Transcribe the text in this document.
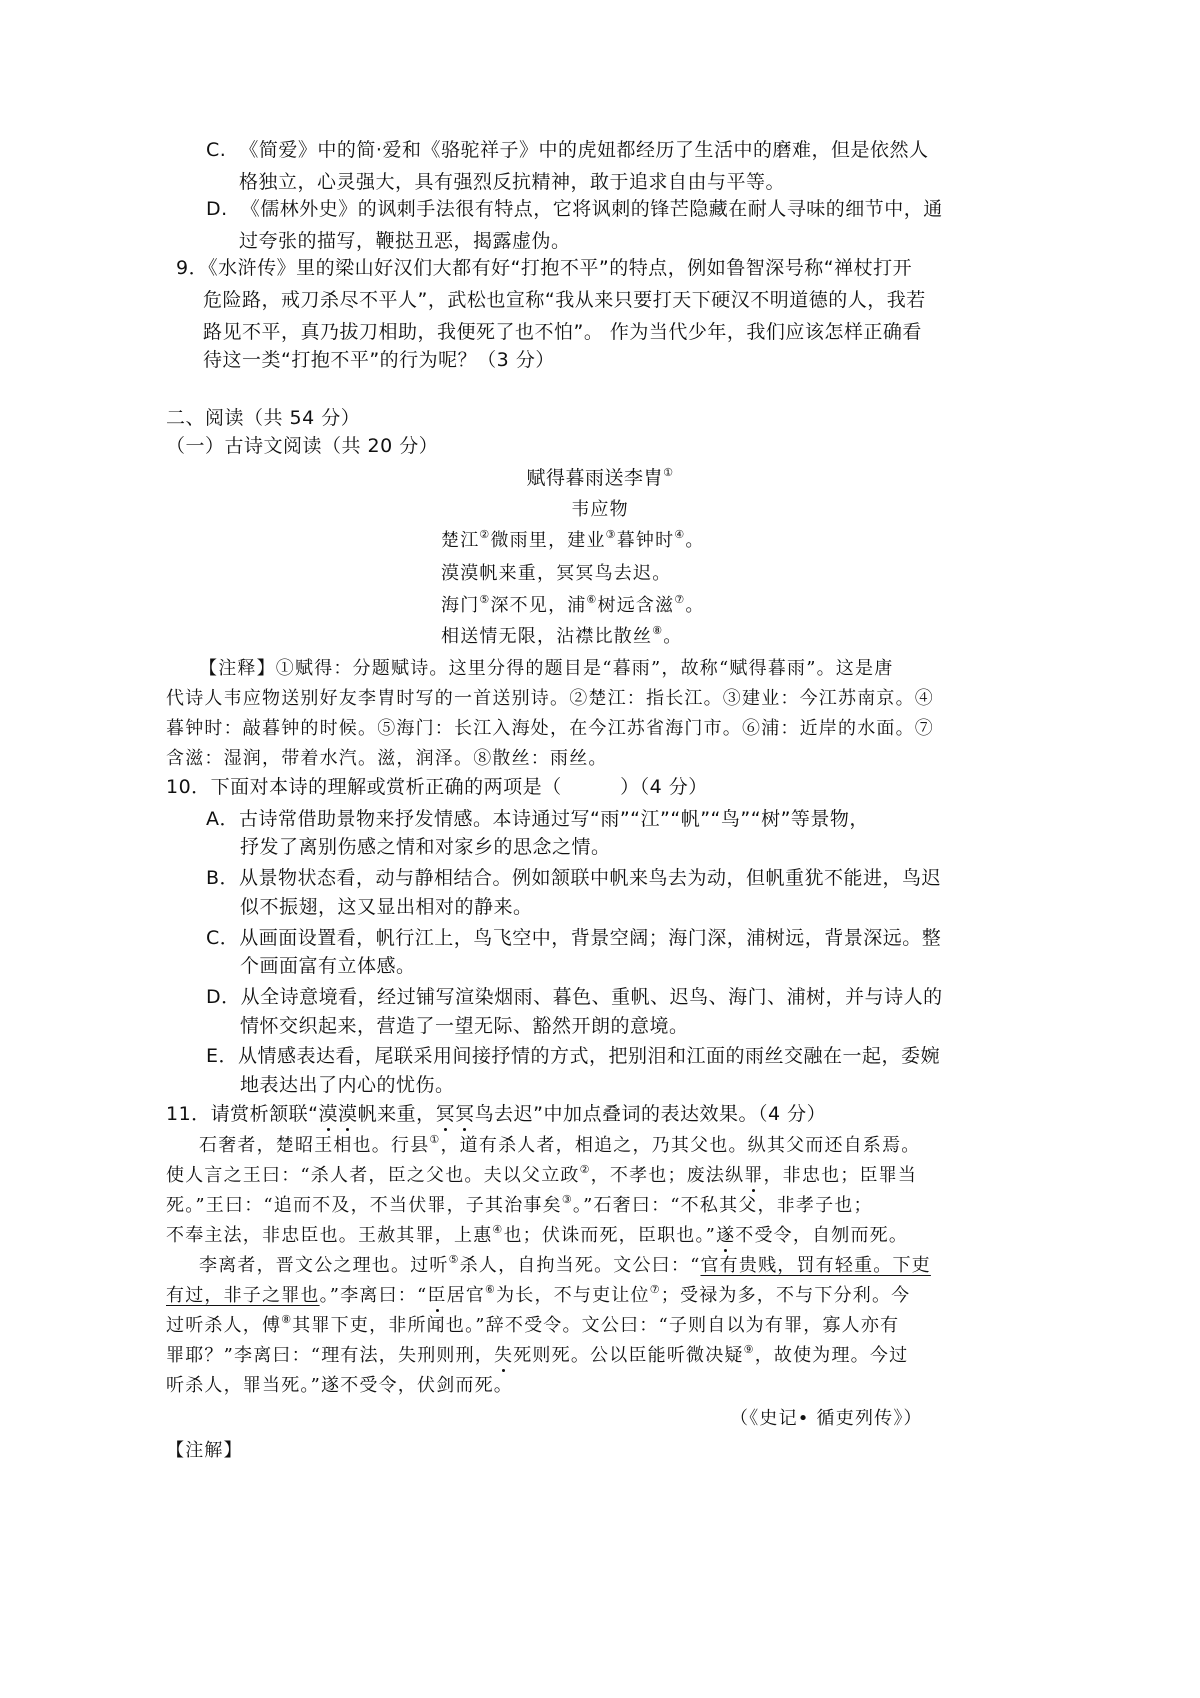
C. 《简爱》中的简·爱和《骆驼祥子》中的虎妞都经历了生活中的磨难，但是依然人
格独立，心灵强大，具有强烈反抗精神，敢于追求自由与平等。
D. 《儒林外史》的讽刺手法很有特点，它将讽刺的锋芒隐藏在耐人寻味的细节中，通
过夸张的描写，鞭挞丑恶，揭露虚伪。
9．《水浒传》里的梁山好汉们大都有好“打抱不平”的特点，例如鲁智深号称“禅杖打开
危险路，戒刀杀尽不平人”，武松也宣称“我从来只要打天下硬汉不明道德的人，我若
路见不平，真乃拔刀相助，我便死了也不怕”。 作为当代少年，我们应该怎样正确看
待这一类“打抱不平”的行为呢？（3 分）
二、阅读（共 54 分）
（一）古诗文阅读（共 20 分）
赋得暮雨送李胄①
韦应物
楚江②微雨里，建业③暮钟时④。
漠漠帆来重，冥冥鸟去迟。
海门⑤深不见，浦⑥树远含滋⑦。
相送情无限，沾襟比散丝⑧。
【注释】①赋得：分题赋诗。这里分得的题目是“暮雨”，故称“赋得暮雨”。这是唐
代诗人韦应物送别好友李胄时写的一首送别诗。②楚江：指长江。③建业：今江苏南京。④
暮钟时：敲暮钟的时候。⑤海门：长江入海处，在今江苏省海门市。⑥浦：近岸的水面。⑦
含滋：湿润，带着水汽。滋，润泽。⑧散丝：雨丝。
10．下面对本诗的理解或赏析正确的两项是（　　　）（4 分）
A．古诗常借助景物来抒发情感。本诗通过写“雨”“江”“帆”“鸟”“树”等景物，
抒发了离别伤感之情和对家乡的思念之情。
B．从景物状态看，动与静相结合。例如颔联中帆来鸟去为动，但帆重犹不能进，鸟迟
似不振翅，这又显出相对的静来。
C．从画面设置看，帆行江上，鸟飞空中，背景空阔；海门深，浦树远，背景深远。整
个画面富有立体感。
D．从全诗意境看，经过铺写渲染烟雨、暮色、重帆、迟鸟、海门、浦树，并与诗人的
情怀交织起来，营造了一望无际、豁然开朗的意境。
E．从情感表达看，尾联采用间接抒情的方式，把别泪和江面的雨丝交融在一起，委婉
地表达出了内心的忧伤。
11．请赏析颔联“漠漠帆来重，冥冥鸟去迟”中加点叠词的表达效果。（4 分）
石奢者，楚昭王相也。行县①，道有杀人者，相追之，乃其父也。纵其父而还自系焉。
使人言之王曰：“杀人者，臣之父也。夫以父立政②，不孝也；废法纵罪，非忠也；臣罪当
死。”王曰：“追而不及，不当伏罪，子其治事矣③。”石奢曰：“不私其父，非孝子也；
不奉主法，非忠臣也。王赦其罪，上惠④也；伏诛而死，臣职也。”遂不受令，自刎而死。
李离者，晋文公之理也。过听⑤杀人，自拘当死。文公曰：“官有贵贱，罚有轻重。下吏
有过，非子之罪也。”李离曰：“臣居官⑥为长，不与吏让位⑦；受禄为多，不与下分利。今
过听杀人，傅⑧其罪下吏，非所闻也。”辞不受令。文公曰：“子则自以为有罪，寡人亦有
罪耶？”李离曰：“理有法，失刑则刑，失死则死。公以臣能听微决疑⑨，故使为理。今过
听杀人，罪当死。”遂不受令，伏剑而死。
（《史记• 循吏列传》）
【注解】
